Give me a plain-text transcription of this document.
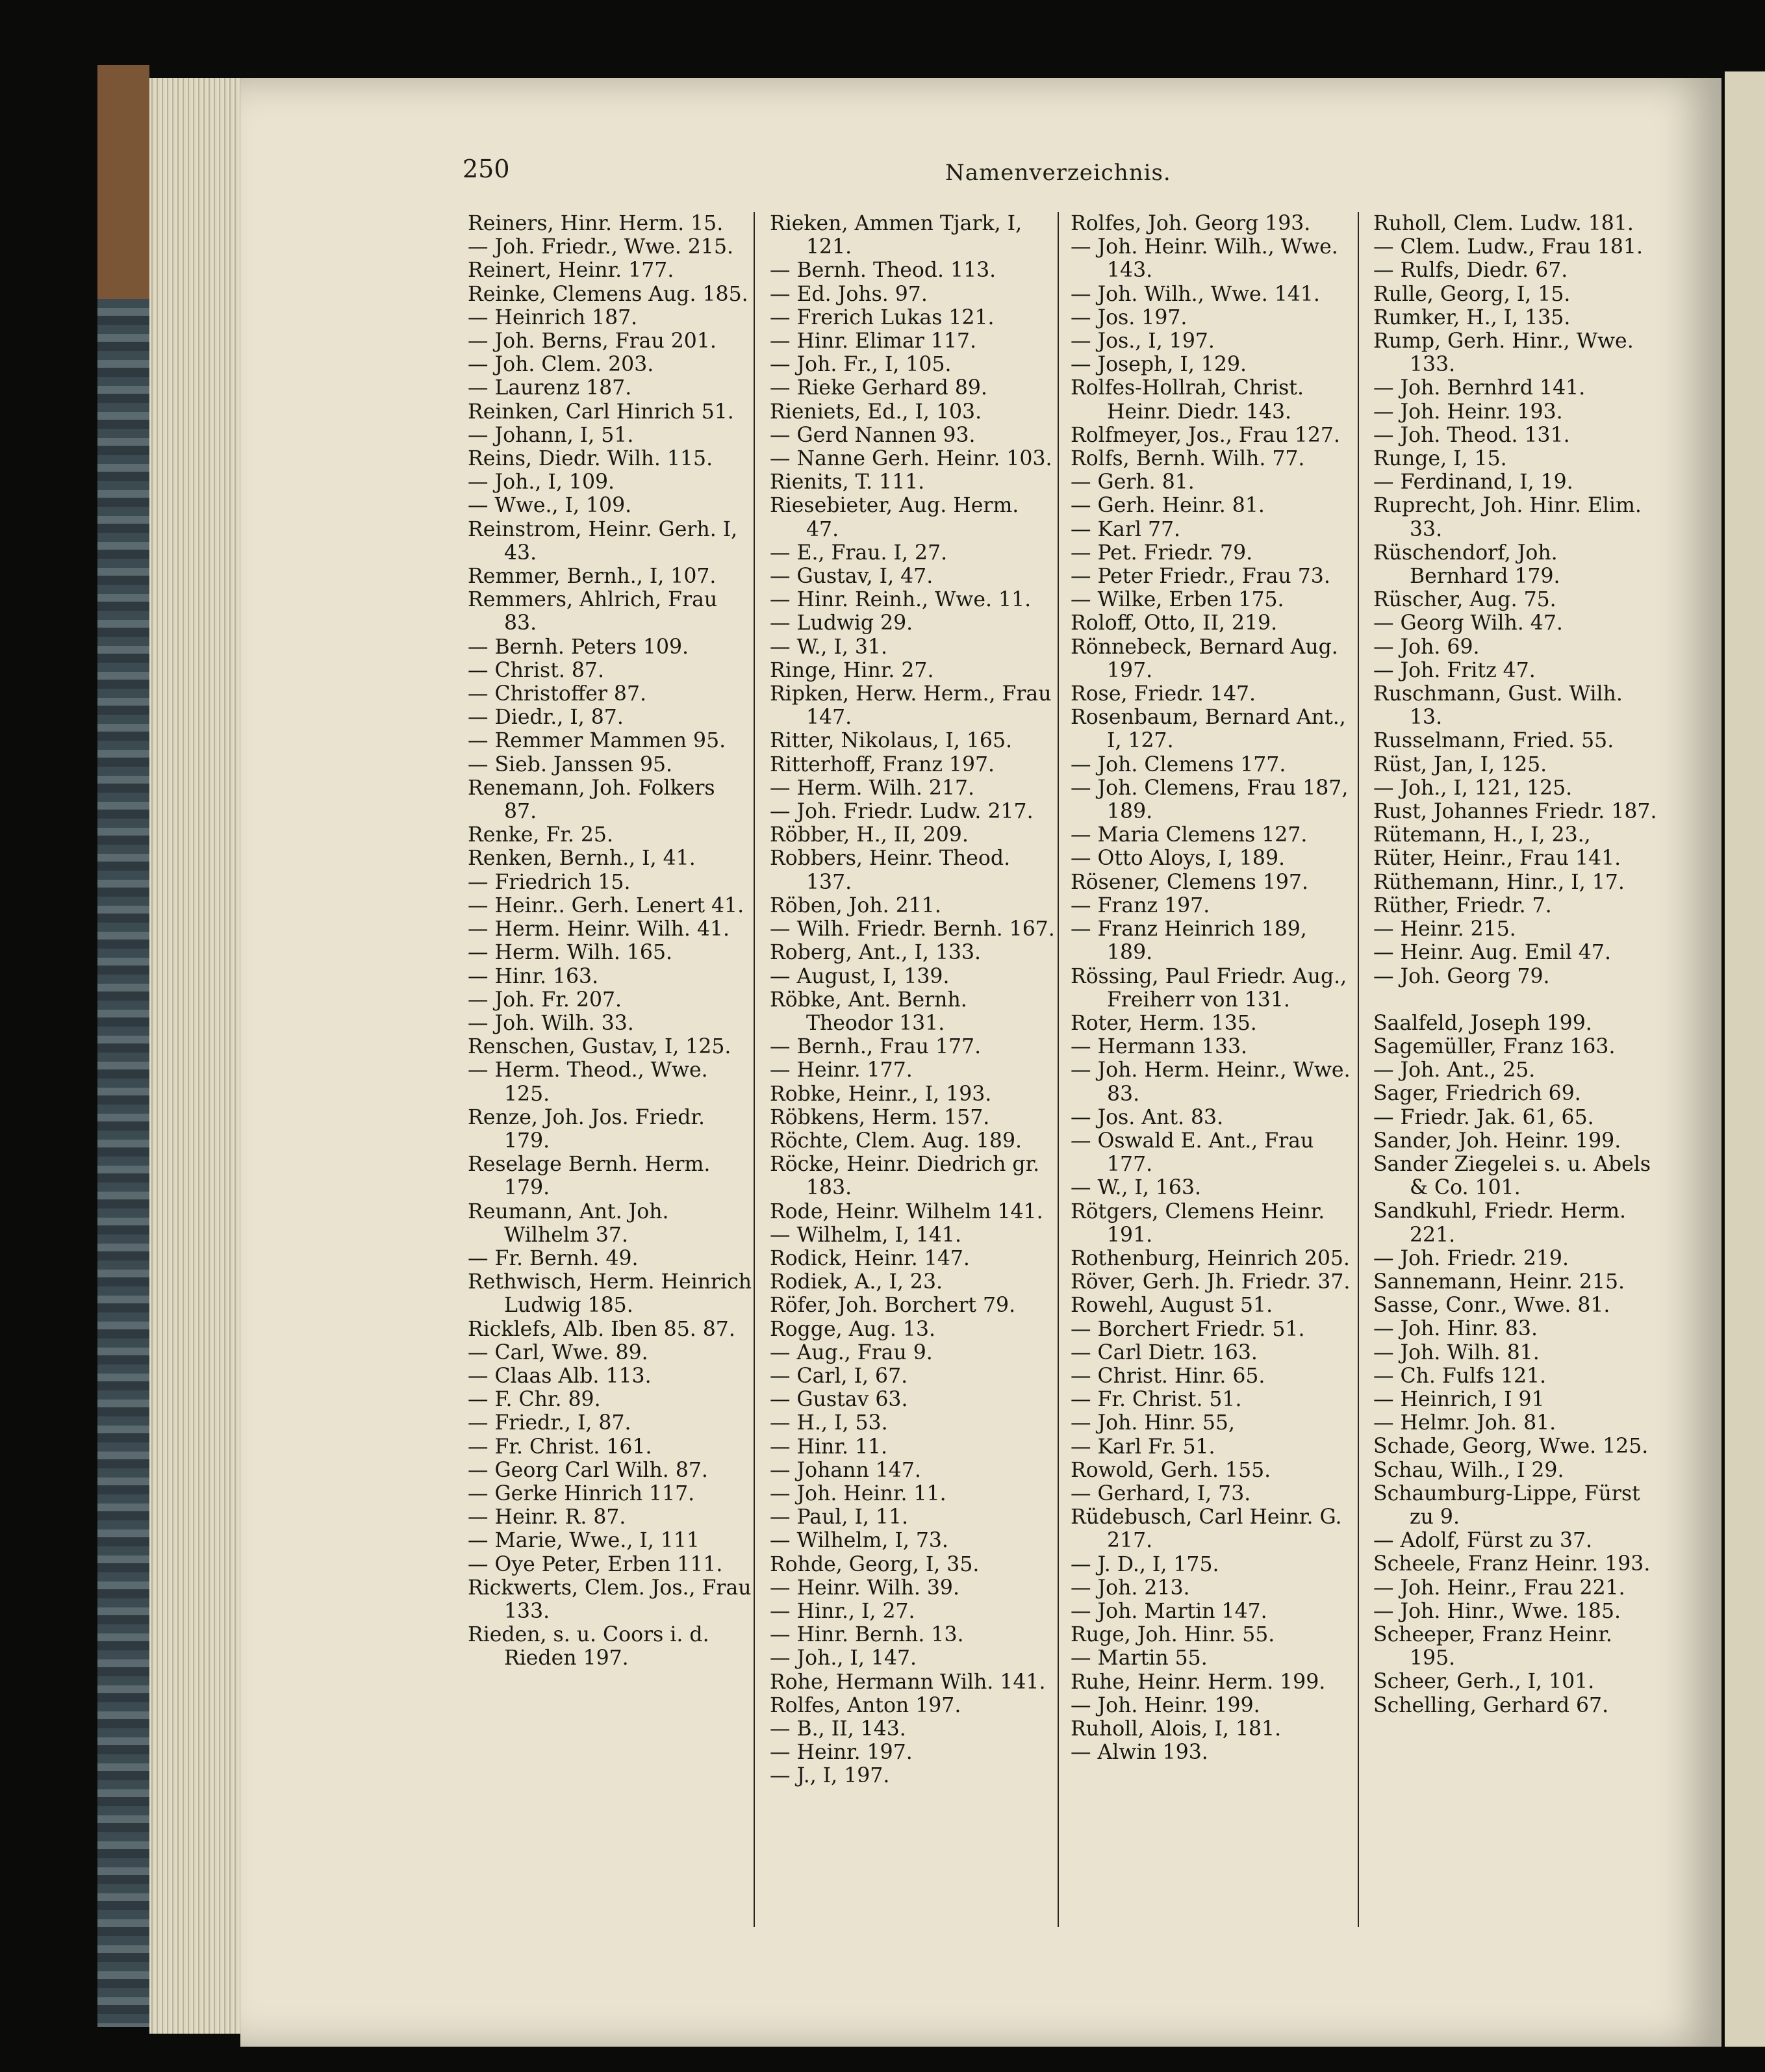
250	Namenverzeichnis.
Reiners, Hinr. Herm. 15.
— Joh. Friedr., Wwe. 215.
Reinert, Heinr. 177.
Reinke, Clemens Aug. 185.
— Heinrich 187.
— Joh. Berns, Frau 201.
— Joh. Clem. 203.
— Laurenz 187.
Reinken, Carl Hinrich 51.
— Johann, I, 51.
Reins, Diedr. Wilh. 115.
— Joh., I, 109.
— Wwe., I, 109.
Reinstrom, Heinr. Gerh. I, 43.
Remmer, Bernh., I, 107.
Remmers, Ahlrich, Frau 83.
— Bernh. Peters 109.
— Christ. 87.
— Christoffer 87.
— Diedr., I, 87.
— Remmer Mammen 95.
— Sieb. Janssen 95.
Renemann, Joh. Folkers 87.
Renke, Fr. 25.
Renken, Bernh., I, 41.
— Friedrich 15.
— Heinr.. Gerh. Lenert 41.
— Herm. Heinr. Wilh. 41.
— Herm. Wilh. 165.
— Hinr. 163.
— Joh. Fr. 207.
— Joh. Wilh. 33.
Renschen, Gustav, I, 125.
— Herm. Theod., Wwe. 125.
Renze, Joh. Jos. Friedr. 179.
Reselage Bernh. Herm. 179.
Reumann, Ant. Joh. Wilhelm 37.
— Fr. Bernh. 49.
Rethwisch, Herm. Heinrich Ludwig 185.
Ricklefs, Alb. Iben 85. 87.
— Carl, Wwe. 89.
— Claas Alb. 113.
— F. Chr. 89.
— Friedr., I, 87.
— Fr. Christ. 161.
— Georg Carl Wilh. 87.
— Gerke Hinrich 117.
— Heinr. R. 87.
— Marie, Wwe., I, 111
— Oye Peter, Erben 111.
Rickwerts, Clem. Jos., Frau 133.
Rieden, s. u. Coors i. d. Rieden 197.
Rieken, Ammen Tjark, I, 121.
— Bernh. Theod. 113.
— Ed. Johs. 97.
— Frerich Lukas 121.
— Hinr. Elimar 117.
— Joh. Fr., I, 105.
— Rieke Gerhard 89.
Rieniets, Ed., I, 103.
— Gerd Nannen 93.
— Nanne Gerh. Heinr. 103.
Rienits, T. 111.
Riesebieter, Aug. Herm. 47.
— E., Frau. I, 27.
— Gustav, I, 47.
— Hinr. Reinh., Wwe. 11.
— Ludwig 29.
— W., I, 31.
Ringe, Hinr. 27.
Ripken, Herw. Herm., Frau 147.
Ritter, Nikolaus, I, 165.
Ritterhoff, Franz 197.
— Herm. Wilh. 217.
— Joh. Friedr. Ludw. 217.
Röbber, H., II, 209.
Robbers, Heinr. Theod. 137.
Röben, Joh. 211.
— Wilh. Friedr. Bernh. 167.
Roberg, Ant., I, 133.
— August, I, 139.
Röbke, Ant. Bernh. Theodor 131.
— Bernh., Frau 177.
— Heinr. 177.
Robke, Heinr., I, 193.
Röbkens, Herm. 157.
Röchte, Clem. Aug. 189.
Röcke, Heinr. Diedrich gr. 183.
Rode, Heinr. Wilhelm 141.
— Wilhelm, I, 141.
Rodick, Heinr. 147.
Rodiek, A., I, 23.
Röfer, Joh. Borchert 79.
Rogge, Aug. 13.
— Aug., Frau 9.
— Carl, I, 67.
— Gustav 63.
— H., I, 53.
— Hinr. 11.
— Johann 147.
— Joh. Heinr. 11.
— Paul, I, 11.
— Wilhelm, I, 73.
Rohde, Georg, I, 35.
— Heinr. Wilh. 39.
— Hinr., I, 27.
— Hinr. Bernh. 13.
— Joh., I, 147.
Rohe, Hermann Wilh. 141.
Rolfes, Anton 197.
— B., II, 143.
— Heinr. 197.
— J., I, 197.
Rolfes, Joh. Georg 193.
— Joh. Heinr. Wilh., Wwe. 143.
— Joh. Wilh., Wwe. 141.
— Jos. 197.
— Jos., I, 197.
— Joseph, I, 129.
Rolfes-Hollrah, Christ. Heinr. Diedr. 143.
Rolfmeyer, Jos., Frau 127.
Rolfs, Bernh. Wilh. 77.
— Gerh. 81.
— Gerh. Heinr. 81.
— Karl 77.
— Pet. Friedr. 79.
— Peter Friedr., Frau 73.
— Wilke, Erben 175.
Roloff, Otto, II, 219.
Rönnebeck, Bernard Aug. 197.
Rose, Friedr. 147.
Rosenbaum, Bernard Ant., I, 127.
— Joh. Clemens 177.
— Joh. Clemens, Frau 187, 189.
— Maria Clemens 127.
— Otto Aloys, I, 189.
Rösener, Clemens 197.
— Franz 197.
— Franz Heinrich 189, 189.
Rössing, Paul Friedr. Aug., Freiherr von 131.
Roter, Herm. 135.
— Hermann 133.
— Joh. Herm. Heinr., Wwe. 83.
— Jos. Ant. 83.
— Oswald E. Ant., Frau 177.
— W., I, 163.
Rötgers, Clemens Heinr. 191.
Rothenburg, Heinrich 205.
Röver, Gerh. Jh. Friedr. 37.
Rowehl, August 51.
— Borchert Friedr. 51.
— Carl Dietr. 163.
— Christ. Hinr. 65.
— Fr. Christ. 51.
— Joh. Hinr. 55,
— Karl Fr. 51.
Rowold, Gerh. 155.
— Gerhard, I, 73.
Rüdebusch, Carl Heinr. G. 217.
— J. D., I, 175.
— Joh. 213.
— Joh. Martin 147.
Ruge, Joh. Hinr. 55.
— Martin 55.
Ruhe, Heinr. Herm. 199.
— Joh. Heinr. 199.
Ruholl, Alois, I, 181.
— Alwin 193.
Ruholl, Clem. Ludw. 181.
— Clem. Ludw., Frau 181.
— Rulfs, Diedr. 67.
Rulle, Georg, I, 15.
Rumker, H., I, 135.
Rump, Gerh. Hinr., Wwe. 133.
— Joh. Bernhrd 141.
— Joh. Heinr. 193.
— Joh. Theod. 131.
Runge, I, 15.
— Ferdinand, I, 19.
Ruprecht, Joh. Hinr. Elim. 33.
Rüschendorf, Joh. Bernhard 179.
Rüscher, Aug. 75.
— Georg Wilh. 47.
— Joh. 69.
— Joh. Fritz 47.
Ruschmann, Gust. Wilh. 13.
Russelmann, Fried. 55.
Rüst, Jan, I, 125.
— Joh., I, 121, 125.
Rust, Johannes Friedr. 187.
Rütemann, H., I, 23.,
Rüter, Heinr., Frau 141.
Rüthemann, Hinr., I, 17.
Rüther, Friedr. 7.
— Heinr. 215.
— Heinr. Aug. Emil 47.
— Joh. Georg 79.
Saalfeld, Joseph 199.
Sagemüller, Franz 163.
— Joh. Ant., 25.
Sager, Friedrich 69.
— Friedr. Jak. 61, 65.
Sander, Joh. Heinr. 199.
Sander Ziegelei s. u. Abels & Co. 101.
Sandkuhl, Friedr. Herm. 221.
— Joh. Friedr. 219.
Sannemann, Heinr. 215.
Sasse, Conr., Wwe. 81.
— Joh. Hinr. 83.
— Joh. Wilh. 81.
— Ch. Fulfs 121.
— Heinrich, I 91
— Helmr. Joh. 81.
Schade, Georg, Wwe. 125.
Schau, Wilh., I 29.
Schaumburg-Lippe, Fürst zu 9.
— Adolf, Fürst zu 37.
Scheele, Franz Heinr. 193.
— Joh. Heinr., Frau 221.
— Joh. Hinr., Wwe. 185.
Scheeper, Franz Heinr. 195.
Scheer, Gerh., I, 101.
Schelling, Gerhard 67.
